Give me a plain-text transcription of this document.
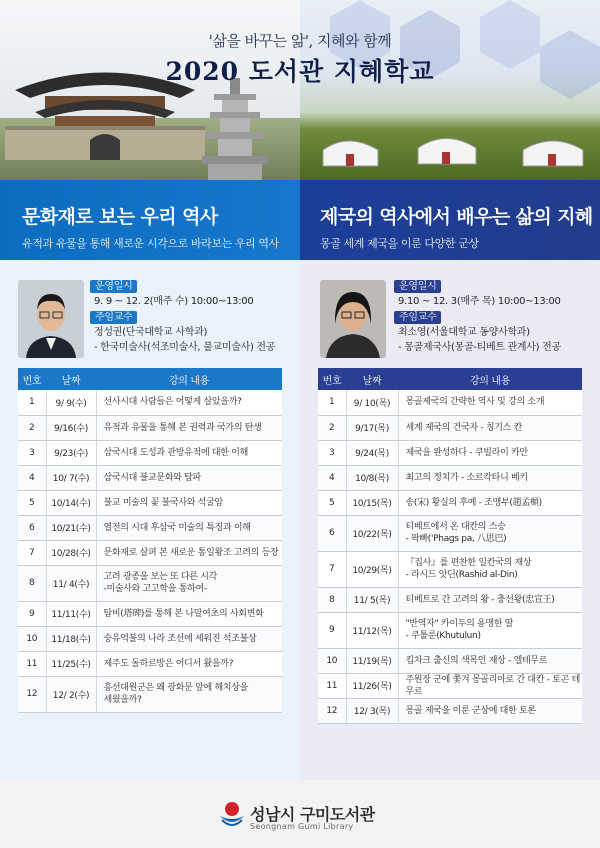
'삶을 바꾸는 앎', 지혜와 함께
2020 도서관 지혜학교
문화재로 보는 우리 역사
유적과 유물을 통해 새로운 시각으로 바라보는 우리 역사
제국의 역사에서 배우는 삶의 지혜
몽골 세계 제국을 이룬 다양한 군상
운영일시
9. 9 ~ 12. 2(매주 수) 10:00~13:00
주임교수
정성권(단국대학교 사학과)
- 한국미술사(석조미술사, 불교미술사) 전공
번호	날짜	강의 내용
1	9/ 9(수)	선사시대 사람들은 어떻게 살았을까?

2	9/16(수)	유적과 유물을 통해 본 권력과 국가의 탄생

3	9/23(수)	삼국시대 도성과 관방유적에 대한 이해

4	10/ 7(수)	삼국시대 불교문화와 탑파

5	10/14(수)	불교 미술의 꽃 불국사와 석굴암

6	10/21(수)	열전의 시대 후삼국 미술의 특징과 이해

7	10/28(수)	문화재로 살펴 본 새로운 통일왕조 고려의 등장

8	11/ 4(수)	고려 광종을 보는 또 다른 시각
-미술사와 고고학을 통하여-

9	11/11(수)	탑비(塔碑)를 통해 본 나말여초의 사회변화

10	11/18(수)	숭유억불의 나라 조선에 세워진 석조불상

11	11/25(수)	제주도 돌하르방은 어디서 왔을까?

12	12/ 2(수)	흥선대원군은 왜 광화문 앞에 해치상을
세웠을까?
운영일시
9.10 ~ 12. 3(매주 목) 10:00~13:00
주임교수
최소영(서울대학교 동양사학과)
- 몽골제국사(몽골-티베트 관계사) 전공
번호	날짜	강의 내용
1	9/ 10(목)	몽골제국의 간략한 역사 및 강의 소개

2	9/17(목)	세계 제국의 건국자 - 칭기스 칸

3	9/24(목)	제국을 완성하다 - 쿠빌라이 카안

4	10/8(목)	최고의 정치가 - 소르칵타니 베키

5	10/15(목)	송(宋) 황실의 후예 - 조맹부(趙孟頫)

6	10/22(목)	티베트에서 온 대칸의 스승
- 팍빠('Phags pa, 八思巴)

7	10/29(목)	『집사』를 편찬한 일칸국의 재상
- 라시드 앗딘(Rashid al-Din)

8	11/ 5(목)	티베트로 간 고려의 왕 - 충선왕(忠宣王)

9	11/12(목)	"반역자" 카이두의 용맹한 딸
- 쿠툴룬(Khutulun)

10	11/19(목)	킵차크 출신의 색목인 재상 - 엘테무르

11	11/26(목)	주원장 군에 쫓겨 몽골리아로 간 대칸 - 토곤 테무르

12	12/ 3(목)	몽골 제국을 이룬 군상에 대한 토론
성남시 구미도서관
Seongnam Gumi Library
